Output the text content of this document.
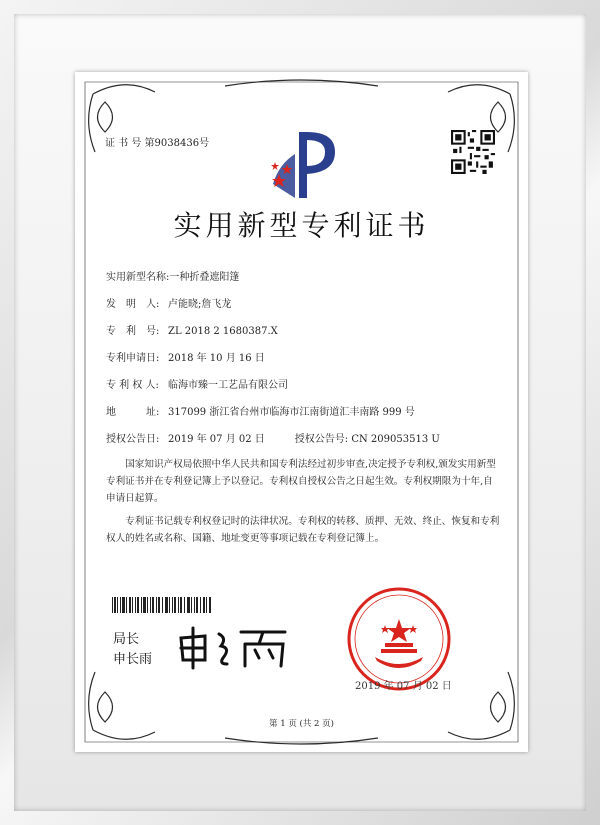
证 书 号 第9038436号
实用新型专利证书
实用新型名称:一种折叠遮阳篷
发　明　人: 卢能晓;詹飞龙
专　利　号: ZL 2018 2 1680387.X
专利申请日: 2018 年 10 月 16 日
专 利 权 人: 临海市臻一工艺品有限公司
地　　　址: 317099 浙江省台州市临海市江南街道汇丰南路 999 号
授权公告日: 2019 年 07 月 02 日　　　授权公告号: CN 209053513 U
国家知识产权局依照中华人民共和国专利法经过初步审查,决定授予专利权,颁发实用新型专利证书并在专利登记簿上予以登记。专利权自授权公告之日起生效。专利权期限为十年,自申请日起算。
专利证书记载专利权登记时的法律状况。专利权的转移、质押、无效、终止、恢复和专利权人的姓名或名称、国籍、地址变更等事项记载在专利登记簿上。
局长
申长雨
2019 年 07 月 02 日
第 1 页 (共 2 页)
